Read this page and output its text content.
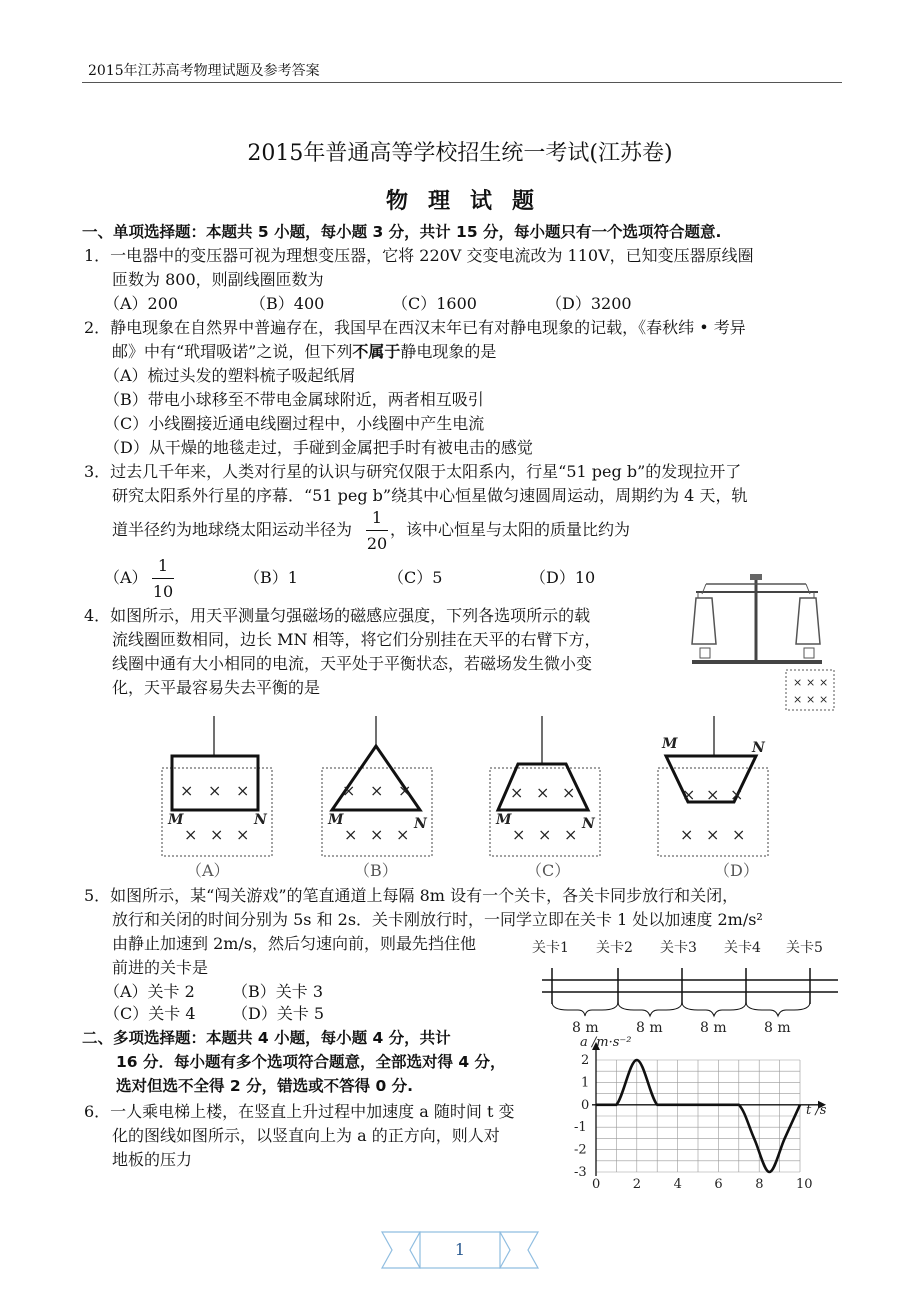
2015年江苏高考物理试题及参考答案
2015年普通高等学校招生统一考试(江苏卷)
物理试题
一、单项选择题：本题共 5 小题，每小题 3 分，共计 15 分，每小题只有一个选项符合题意.
1．一电器中的变压器可视为理想变压器，它将 220V 交变电流改为 110V，已知变压器原线圈
匝数为 800，则副线圈匝数为
（A）200	（B）400	（C）1600	（D）3200
2．静电现象在自然界中普遍存在，我国早在西汉末年已有对静电现象的记载，《春秋纬 • 考异
邮》中有“玳瑁吸诺”之说，但下列不属于静电现象的是
（A）梳过头发的塑料梳子吸起纸屑
（B）带电小球移至不带电金属球附近，两者相互吸引
（C）小线圈接近通电线圈过程中，小线圈中产生电流
（D）从干燥的地毯走过，手碰到金属把手时有被电击的感觉
3．过去几千年来，人类对行星的认识与研究仅限于太阳系内，行星“51 peg b”的发现拉开了
研究太阳系外行星的序幕．“51 peg b”绕其中心恒星做匀速圆周运动，周期约为 4 天，轨
道半径约为地球绕太阳运动半径为
1
20
，该中心恒星与太阳的质量比约为
（A）
1
10
（B）1	（C）5	（D）10
4．如图所示，用天平测量匀强磁场的磁感应强度，下列各选项所示的载
流线圈匝数相同，边长 MN 相等，将它们分别挂在天平的右臂下方，
线圈中通有大小相同的电流，天平处于平衡状态，若磁场发生微小变
化，天平最容易失去平衡的是	× × ×
× × ×
× × ×
× × ×
M	N
（A）
× × ×
× × ×
M	N
（B）
× × ×
× × ×
M	N
（C）
× × ×
× × ×
M	N
（D）
5．如图所示，某“闯关游戏”的笔直通道上每隔 8m 设有一个关卡，各关卡同步放行和关闭，
放行和关闭的时间分别为 5s 和 2s．关卡刚放行时，一同学立即在关卡 1 处以加速度 2m/s²
由静止加速到 2m/s，然后匀速向前，则最先挡住他
前进的关卡是
（A）关卡 2 （B）关卡 3
（C）关卡 4 （D）关卡 5
关卡1 关卡2 关卡3 关卡4 关卡5
8 m	8 m	8 m	8 m
二、多项选择题：本题共 4 小题，每小题 4 分，共计
16 分．每小题有多个选项符合题意，全部选对得 4 分，
选对但选不全得 2 分，错选或不答得 0 分.
6．一人乘电梯上楼，在竖直上升过程中加速度 a 随时间 t 变
化的图线如图所示，以竖直向上为 a 的正方向，则人对
地板的压力
0	2	4	6	8	10
2
1
0
-1
-2
-3
a /m·s⁻²
t /s
1
